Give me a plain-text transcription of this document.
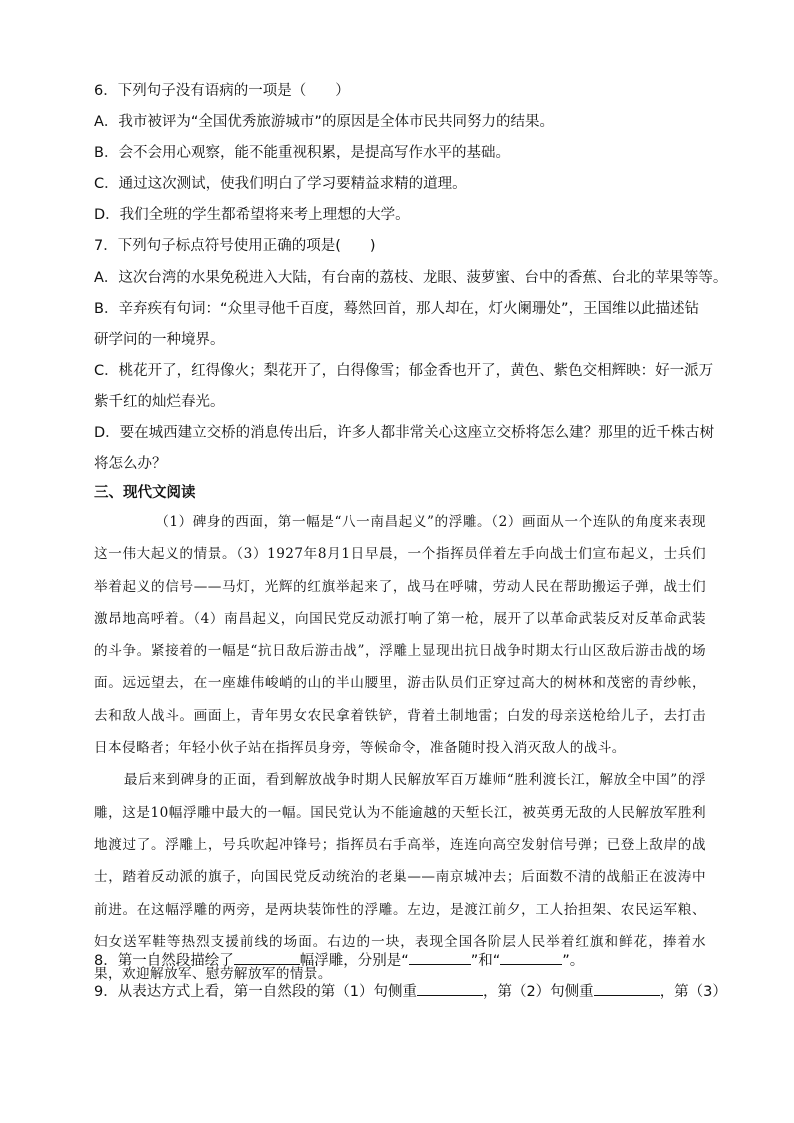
6．下列句子没有语病的一项是（　　）
A．我市被评为“全国优秀旅游城市”的原因是全体市民共同努力的结果。
B．会不会用心观察，能不能重视积累，是提高写作水平的基础。
C．通过这次测试，使我们明白了学习要精益求精的道理。
D．我们全班的学生都希望将来考上理想的大学。
7．下列句子标点符号使用正确的项是(　　)
A．这次台湾的水果免税进入大陆，有台南的荔枝、龙眼、菠萝蜜、台中的香蕉、台北的苹果等等。
B．辛弃疾有句词：“众里寻他千百度，蓦然回首，那人却在，灯火阑珊处”，王国维以此描述钻
研学问的一种境界。
C．桃花开了，红得像火；梨花开了，白得像雪；郁金香也开了，黄色、紫色交相辉映：好一派万
紫千红的灿烂春光。
D．要在城西建立交桥的消息传出后，许多人都非常关心这座立交桥将怎么建？那里的近千株古树
将怎么办？
三、现代文阅读

（1）碑身的西面，第一幅是“八一南昌起义”的浮雕。（2）画面从一个连队的角度来表现这一伟大起义的情景。（3）1927年8月1日早晨，一个指挥员佯着左手向战士们宣布起义，士兵们举着起义的信号——马灯，光辉的红旗举起来了，战马在呼啸，劳动人民在帮助搬运子弹，战士们激昂地高呼着。（4）南昌起义，向国民党反动派打响了第一枪，展开了以革命武装反对反革命武装的斗争。紧接着的一幅是“抗日敌后游击战”，浮雕上显现出抗日战争时期太行山区敌后游击战的场面。远远望去，在一座雄伟峻峭的山的半山腰里，游击队员们正穿过高大的树林和茂密的青纱帐，去和敌人战斗。画面上，青年男女农民拿着铁铲，背着土制地雷；白发的母亲送枪给儿子，去打击日本侵略者；年轻小伙子站在指挥员身旁，等候命令，准备随时投入消灭敌人的战斗。

最后来到碑身的正面，看到解放战争时期人民解放军百万雄师“胜利渡长江，解放全中国”的浮雕，这是10幅浮雕中最大的一幅。国民党认为不能逾越的天堑长江，被英勇无敌的人民解放军胜利地渡过了。浮雕上，号兵吹起冲锋号；指挥员右手高举，连连向高空发射信号弹；已登上敌岸的战士，踏着反动派的旗子，向国民党反动统治的老巢——南京城冲去；后面数不清的战船正在波涛中前进。在这幅浮雕的两旁，是两块装饰性的浮雕。左边，是渡江前夕，工人抬担架、农民运军粮、妇女送军鞋等热烈支援前线的场面。右边的一块，表现全国各阶层人民举着红旗和鲜花，捧着水果，欢迎解放军、慰劳解放军的情景。

8．第一自然段描绘了	幅浮雕，分别是“	”和“	”。
9．从表达方式上看，第一自然段的第（1）句侧重	，第（2）句侧重	，第（3）
